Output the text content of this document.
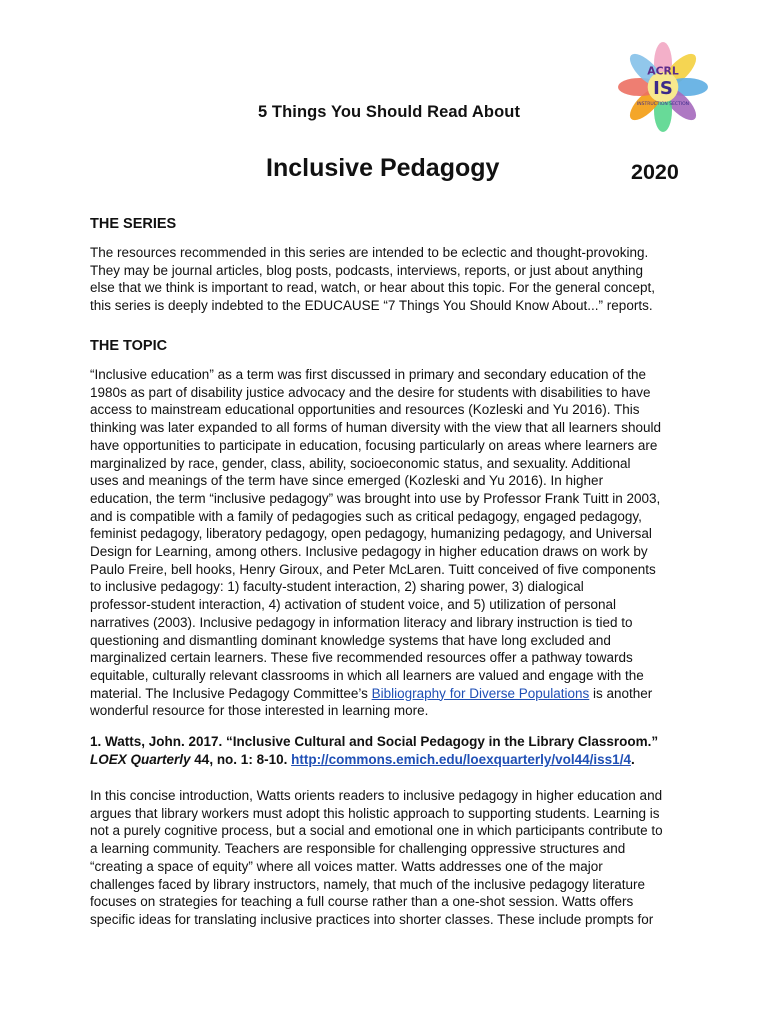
ACRL
IS
INSTRUCTION SECTION
5 Things You Should Read About
Inclusive Pedagogy	2020
THE SERIES

The resources recommended in this series are intended to be eclectic and thought-provoking.
They may be journal articles, blog posts, podcasts, interviews, reports, or just about anything
else that we think is important to read, watch, or hear about this topic. For the general concept,
this series is deeply indebted to the EDUCAUSE “7 Things You Should Know About...” reports.

THE TOPIC

“Inclusive education” as a term was first discussed in primary and secondary education of the
1980s as part of disability justice advocacy and the desire for students with disabilities to have
access to mainstream educational opportunities and resources (Kozleski and Yu 2016). This
thinking was later expanded to all forms of human diversity with the view that all learners should
have opportunities to participate in education, focusing particularly on areas where learners are
marginalized by race, gender, class, ability, socioeconomic status, and sexuality. Additional
uses and meanings of the term have since emerged (Kozleski and Yu 2016). In higher
education, the term “inclusive pedagogy” was brought into use by Professor Frank Tuitt in 2003,
and is compatible with a family of pedagogies such as critical pedagogy, engaged pedagogy,
feminist pedagogy, liberatory pedagogy, open pedagogy, humanizing pedagogy, and Universal
Design for Learning, among others. Inclusive pedagogy in higher education draws on work by
Paulo Freire, bell hooks, Henry Giroux, and Peter McLaren. Tuitt conceived of five components
to inclusive pedagogy: 1) faculty-student interaction, 2) sharing power, 3) dialogical
professor-student interaction, 4) activation of student voice, and 5) utilization of personal
narratives (2003). Inclusive pedagogy in information literacy and library instruction is tied to
questioning and dismantling dominant knowledge systems that have long excluded and
marginalized certain learners. These five recommended resources offer a pathway towards
equitable, culturally relevant classrooms in which all learners are valued and engage with the
material. The Inclusive Pedagogy Committee’s Bibliography for Diverse Populations is another
wonderful resource for those interested in learning more.

1. Watts, John. 2017. “Inclusive Cultural and Social Pedagogy in the Library Classroom.”
LOEX Quarterly 44, no. 1: 8-10. http://commons.emich.edu/loexquarterly/vol44/iss1/4.

In this concise introduction, Watts orients readers to inclusive pedagogy in higher education and
argues that library workers must adopt this holistic approach to supporting students. Learning is
not a purely cognitive process, but a social and emotional one in which participants contribute to
a learning community. Teachers are responsible for challenging oppressive structures and
“creating a space of equity” where all voices matter. Watts addresses one of the major
challenges faced by library instructors, namely, that much of the inclusive pedagogy literature
focuses on strategies for teaching a full course rather than a one-shot session. Watts offers
specific ideas for translating inclusive practices into shorter classes. These include prompts for
